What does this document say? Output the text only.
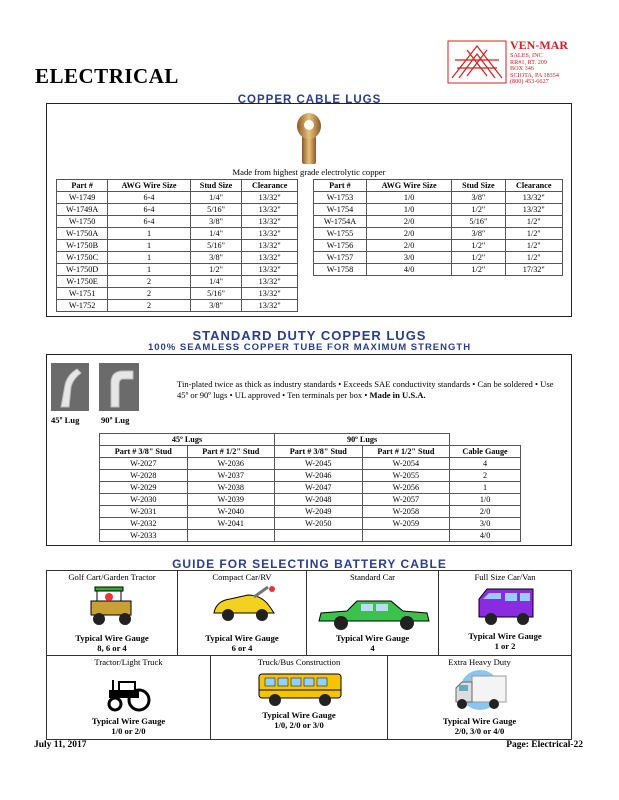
ELECTRICAL
VEN-MAR
SALES, INC
RR#1, RT. 209
BOX 346
SCIOTA, PA 18354
(800) 453-6627
COPPER CABLE LUGS
Made from highest grade electrolytic copper
Part #	AWG Wire Size	Stud Size	Clearance
W-1749	6-4	1/4"	13/32"
W-1749A	6-4	5/16"	13/32"
W-1750	6-4	3/8"	13/32"
W-1750A	1	1/4"	13/32"
W-1750B	1	5/16"	13/32"
W-1750C	1	3/8"	13/32"
W-1750D	1	1/2"	13/32"
W-1750E	2	1/4"	13/32"
W-1751	2	5/16"	13/32"
W-1752	2	3/8"	13/32"
Part #	AWG Wire Size	Stud Size	Clearance
W-1753	1/0	3/8"	13/32"
W-1754	1/0	1/2"	13/32"
W-1754A	2/0	5/16"	1/2"
W-1755	2/0	3/8"	1/2"
W-1756	2/0	1/2"	1/2"
W-1757	3/0	1/2"	1/2"
W-1758	4/0	1/2"	17/32"
STANDARD DUTY COPPER LUGS
100% SEAMLESS COPPER TUBE FOR MAXIMUM STRENGTH
45º Lug	90º Lug
Tin-plated twice as thick as industry standards • Exceeds SAE conductivity standards • Can be soldered • Use 45º or 90º lugs • UL approved • Ten terminals per box • Made in U.S.A.
45º Lugs		90º Lugs		
Part # 3/8" Stud	Part # 1/2" Stud	Part # 3/8" Stud	Part # 1/2" Stud	Cable Gauge
W-2027	W-2036	W-2045	W-2054	4
W-2028	W-2037	W-2046	W-2055	2
W-2029	W-2038	W-2047	W-2056	1
W-2030	W-2039	W-2048	W-2057	1/0
W-2031	W-2040	W-2049	W-2058	2/0
W-2032	W-2041	W-2050	W-2059	3/0
W-2033				4/0
GUIDE FOR SELECTING BATTERY CABLE
Golf Cart/Garden Tractor
Typical Wire Gauge
8, 6 or 4
Compact Car/RV
Typical Wire Gauge
6 or 4
Standard Car
Typical Wire Gauge
4
Full Size Car/Van
Typical Wire Gauge
1 or 2
Tractor/Light Truck
Typical Wire Gauge
1/0 or 2/0
Truck/Bus Construction
Typical Wire Gauge
1/0, 2/0 or 3/0
Extra Heavy Duty
Typical Wire Gauge
2/0, 3/0 or 4/0
July 11, 2017	Page: Electrical-22
